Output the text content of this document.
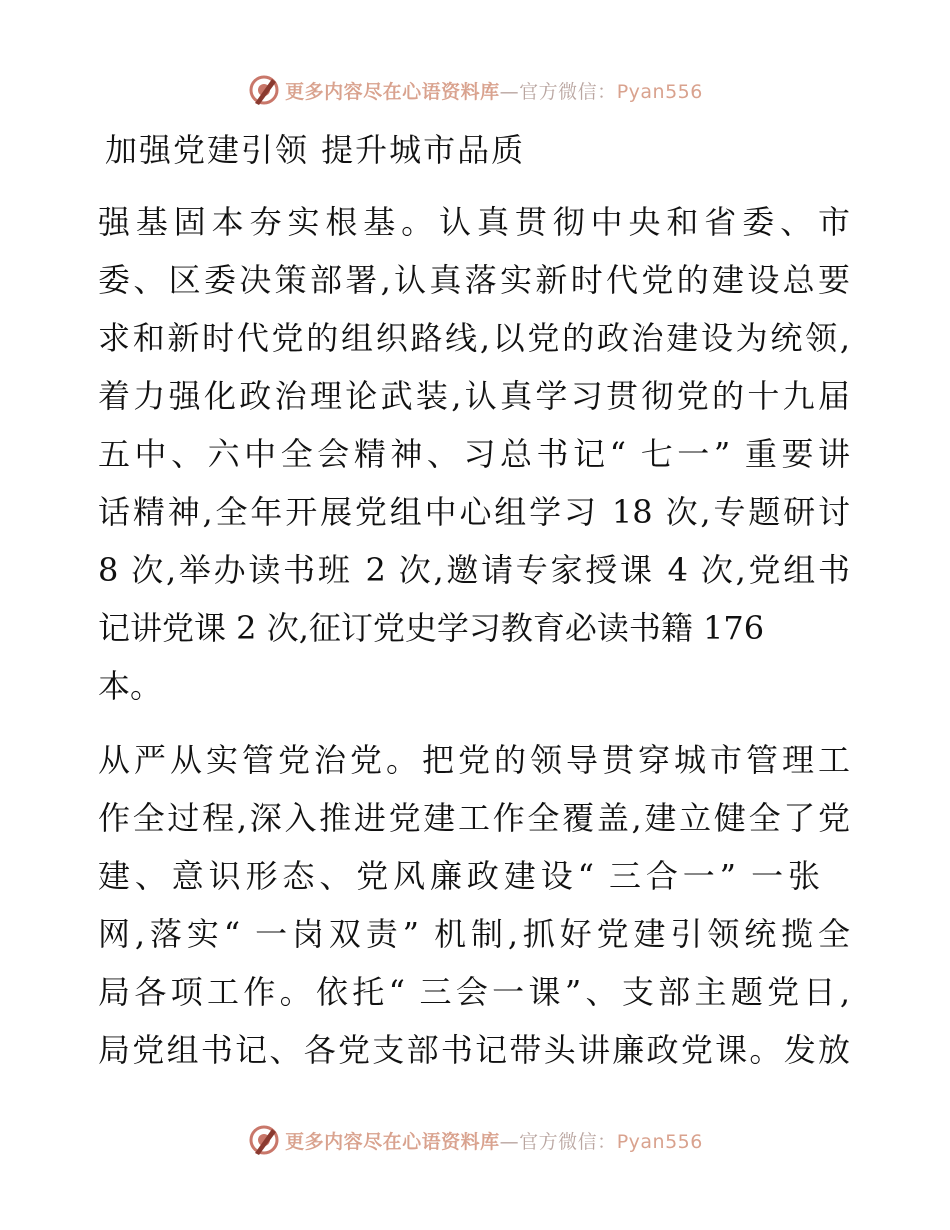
更多内容尽在心语资料库—官方微信：Pyan556
加强党建引领 提升城市品质
强基固本夯实根基。认真贯彻中央和省委、市
委、区委决策部署,认真落实新时代党的建设总要
求和新时代党的组织路线,以党的政治建设为统领,
着力强化政治理论武装,认真学习贯彻党的十九届
五中、六中全会精神、习总书记“ 七一” 重要讲
话精神,全年开展党组中心组学习 18 次,专题研讨
8 次,举办读书班 2 次,邀请专家授课 4 次,党组书
记讲党课 2 次,征订党史学习教育必读书籍 176
本。
从严从实管党治党。把党的领导贯穿城市管理工
作全过程,深入推进党建工作全覆盖,建立健全了党
建、意识形态、党风廉政建设“ 三合一” 一张
网,落实“ 一岗双责” 机制,抓好党建引领统揽全
局各项工作。依托“ 三会一课”、支部主题党日,
局党组书记、各党支部书记带头讲廉政党课。发放
更多内容尽在心语资料库—官方微信：Pyan556
